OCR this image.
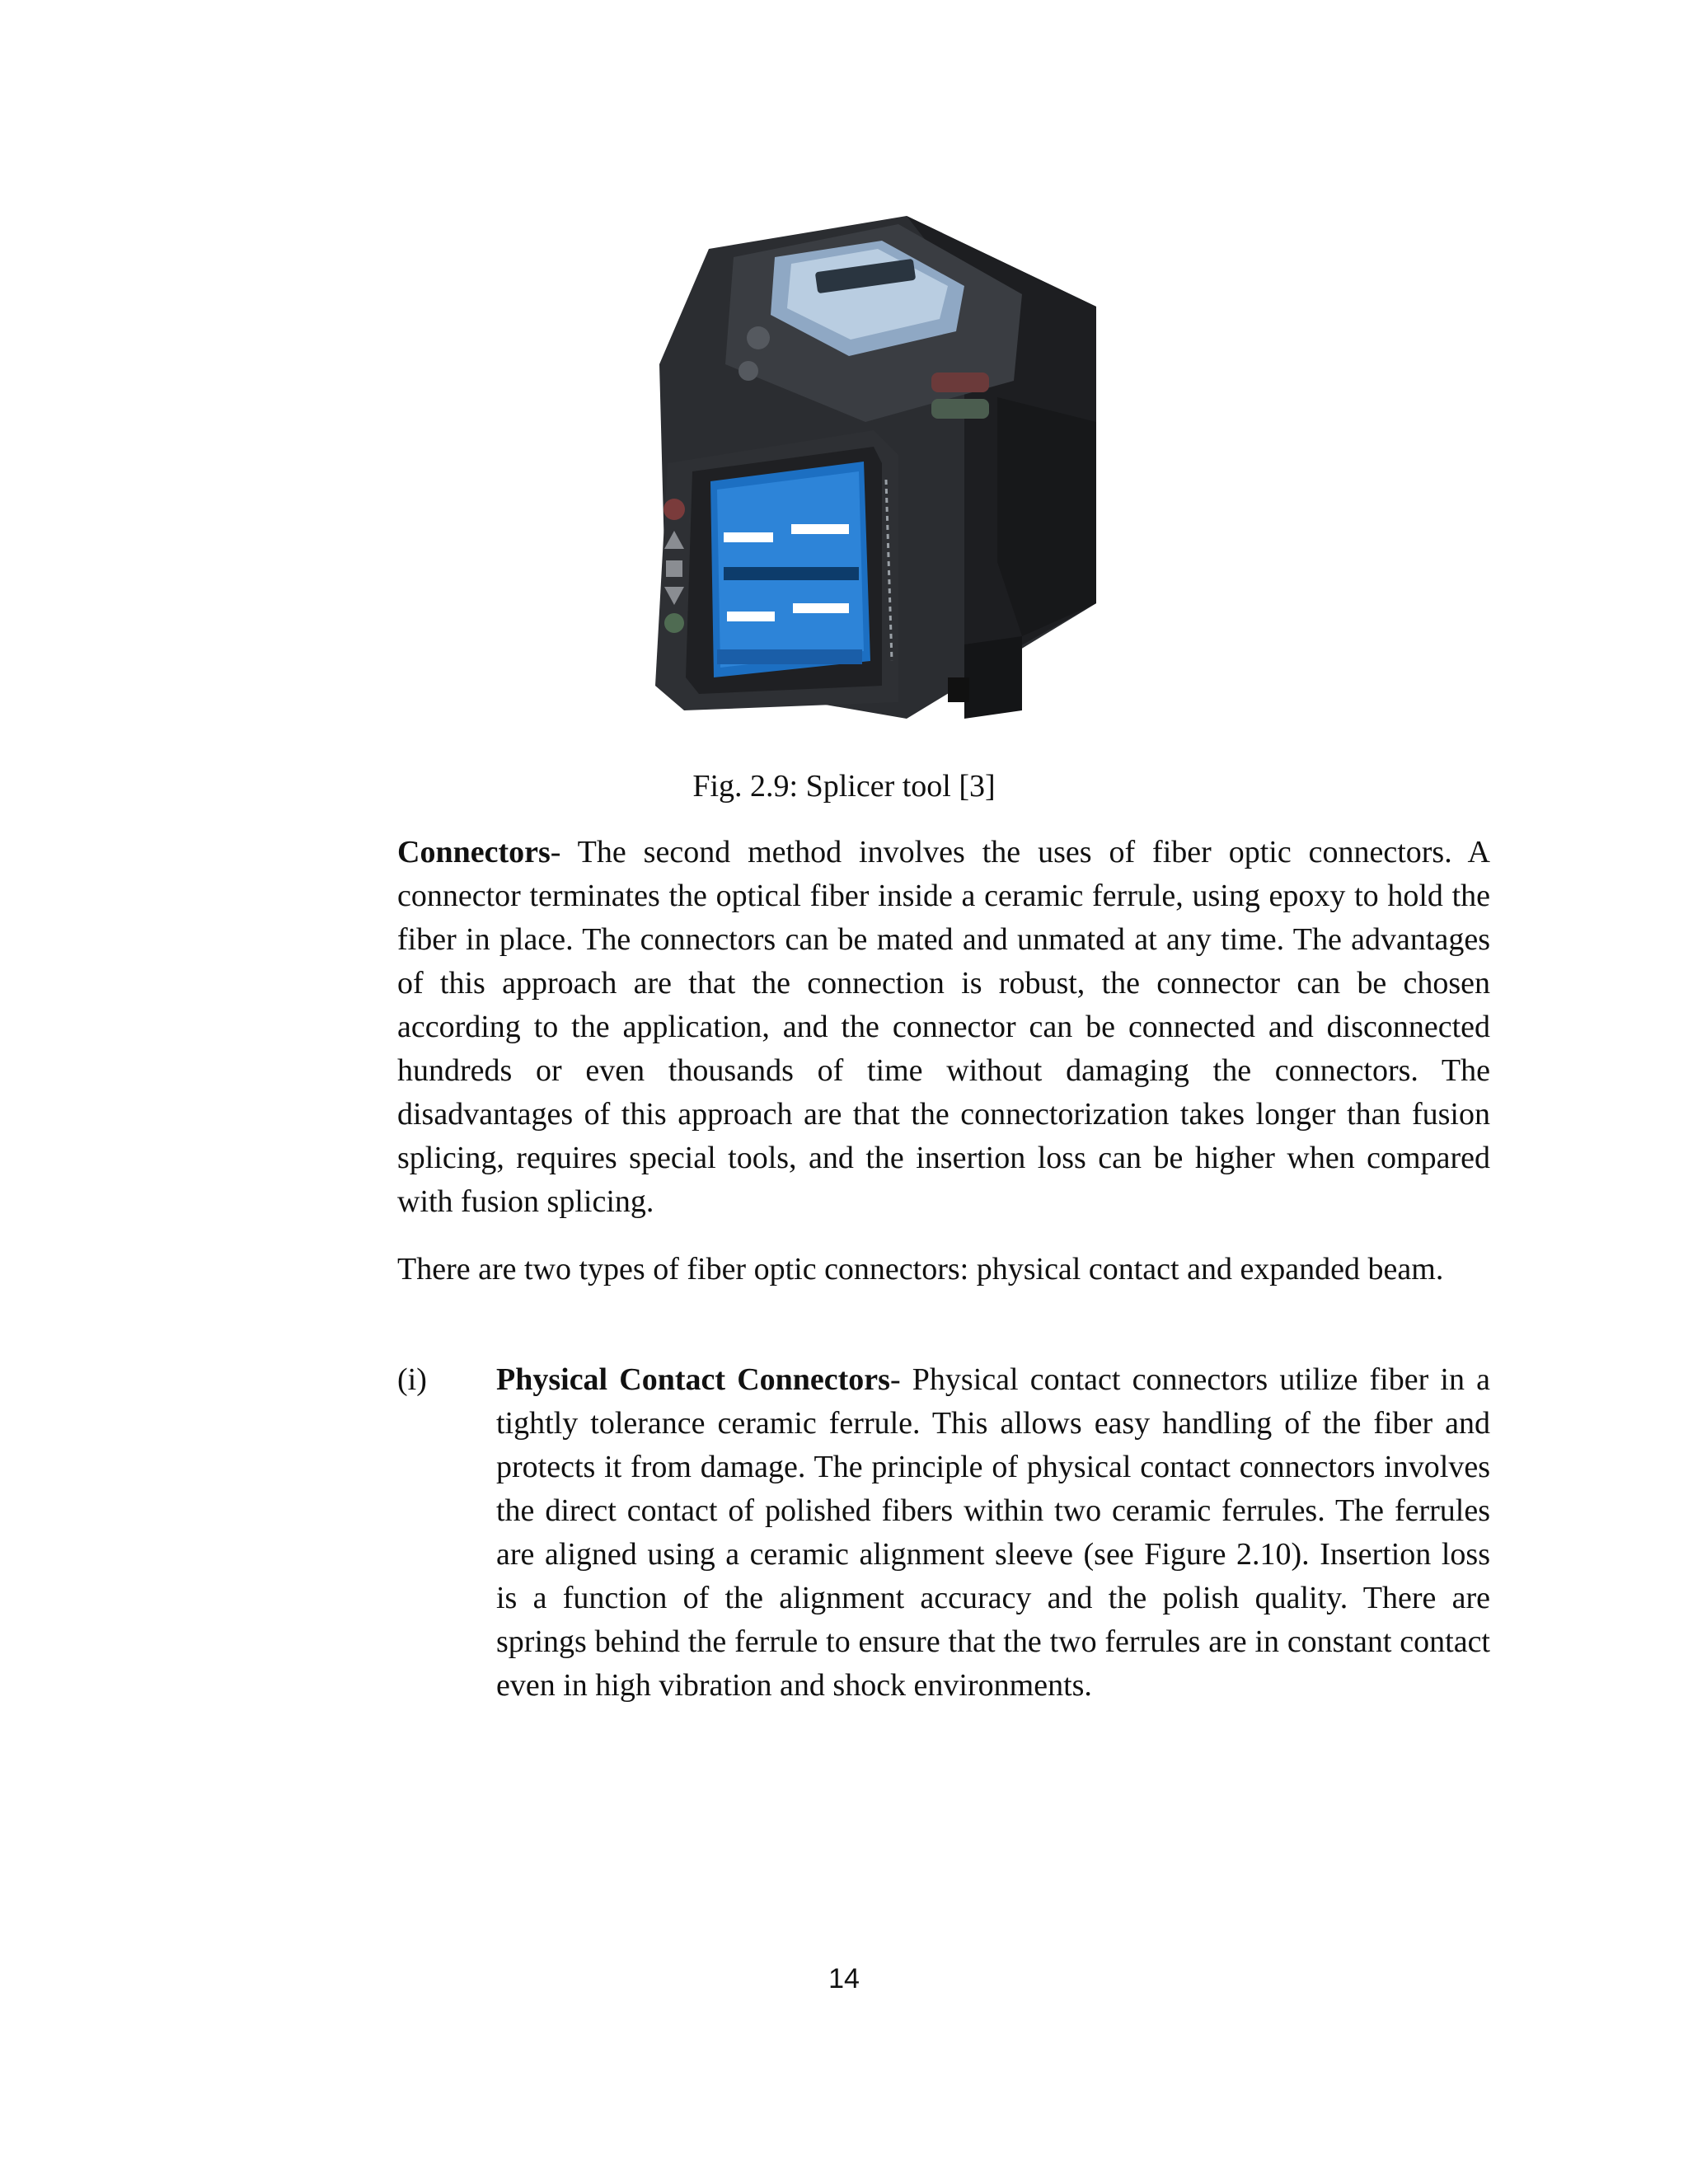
Fig. 2.9: Splicer tool [3]
Connectors- The second method involves the uses of fiber optic connectors. A connector terminates the optical fiber inside a ceramic ferrule, using epoxy to hold the fiber in place. The connectors can be mated and unmated at any time. The advantages of this approach are that the connection is robust, the connector can be chosen according to the application, and the connector can be connected and disconnected hundreds or even thousands of time without damaging the connectors. The disadvantages of this approach are that the connectorization takes longer than fusion splicing, requires special tools, and the insertion loss can be higher when compared with fusion splicing.
There are two types of fiber optic connectors: physical contact and expanded beam.
(i)	Physical Contact Connectors- Physical contact connectors utilize fiber in a tightly tolerance ceramic ferrule. This allows easy handling of the fiber and protects it from damage. The principle of physical contact connectors involves the direct contact of polished fibers within two ceramic ferrules. The ferrules are aligned using a ceramic alignment sleeve (see Figure 2.10). Insertion loss is a function of the alignment accuracy and the polish quality. There are springs behind the ferrule to ensure that the two ferrules are in constant contact even in high vibration and shock environments.
14
